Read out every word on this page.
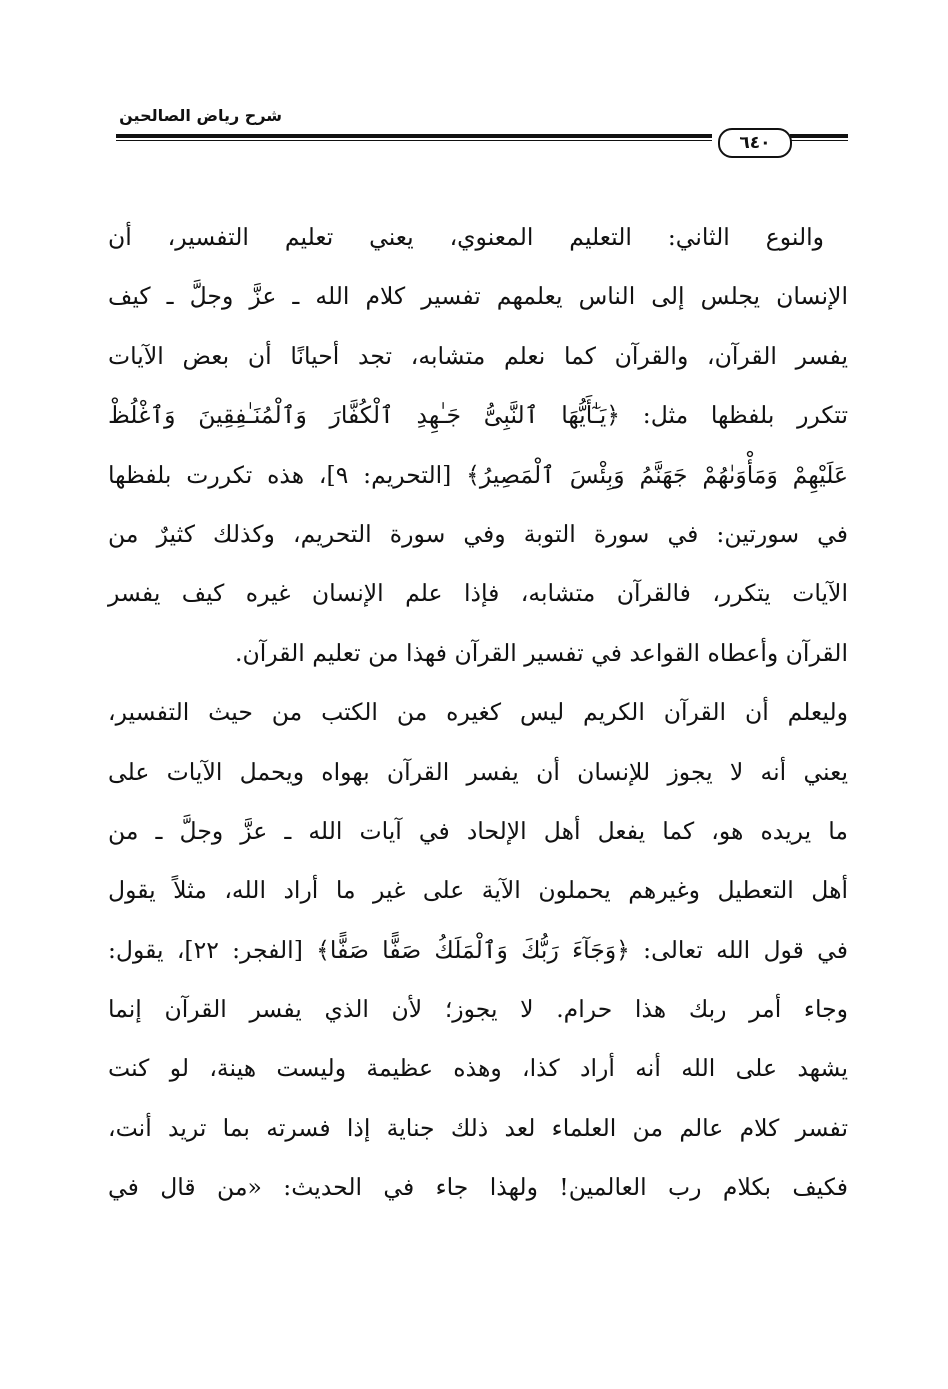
شرح رياض الصالحين
٦٤٠
والنوع الثاني: التعليم المعنوي، يعني تعليم التفسير، أن
الإنسان يجلس إلى الناس يعلمهم تفسير كلام الله ـ عزَّ وجلَّ ـ كيف
يفسر القرآن، والقرآن كما نعلم متشابه، تجد أحيانًا أن بعض الآيات
تتكرر بلفظها مثل: ﴿يَـٰٓأَيُّهَا ٱلنَّبِىُّ جَـٰهِدِ ٱلْكُفَّارَ وَٱلْمُنَـٰفِقِينَ وَٱغْلُظْ
عَلَيْهِمْ وَمَأْوَىٰهُمْ جَهَنَّمُ وَبِئْسَ ٱلْمَصِيرُ﴾ [التحريم: ٩]، هذه تكررت بلفظها
في سورتين: في سورة التوبة وفي سورة التحريم، وكذلك كثيرٌ من
الآيات يتكرر، فالقرآن متشابه، فإذا علم الإنسان غيره كيف يفسر
القرآن وأعطاه القواعد في تفسير القرآن فهذا من تعليم القرآن.
وليعلم أن القرآن الكريم ليس كغيره من الكتب من حيث التفسير،
يعني أنه لا يجوز للإنسان أن يفسر القرآن بهواه ويحمل الآيات على
ما يريده هو، كما يفعل أهل الإلحاد في آيات الله ـ عزَّ وجلَّ ـ من
أهل التعطيل وغيرهم يحملون الآية على غير ما أراد الله، مثلاً يقول
في قول الله تعالى: ﴿وَجَآءَ رَبُّكَ وَٱلْمَلَكُ صَفًّا صَفًّا﴾ [الفجر: ٢٢]، يقول:
وجاء أمر ربك هذا حرام. لا يجوز؛ لأن الذي يفسر القرآن إنما
يشهد على الله أنه أراد كذا، وهذه عظيمة وليست هينة، لو كنت
تفسر كلام عالم من العلماء لعد ذلك جناية إذا فسرته بما تريد أنت،
فكيف بكلام رب العالمين! ولهذا جاء في الحديث: «من قال في
